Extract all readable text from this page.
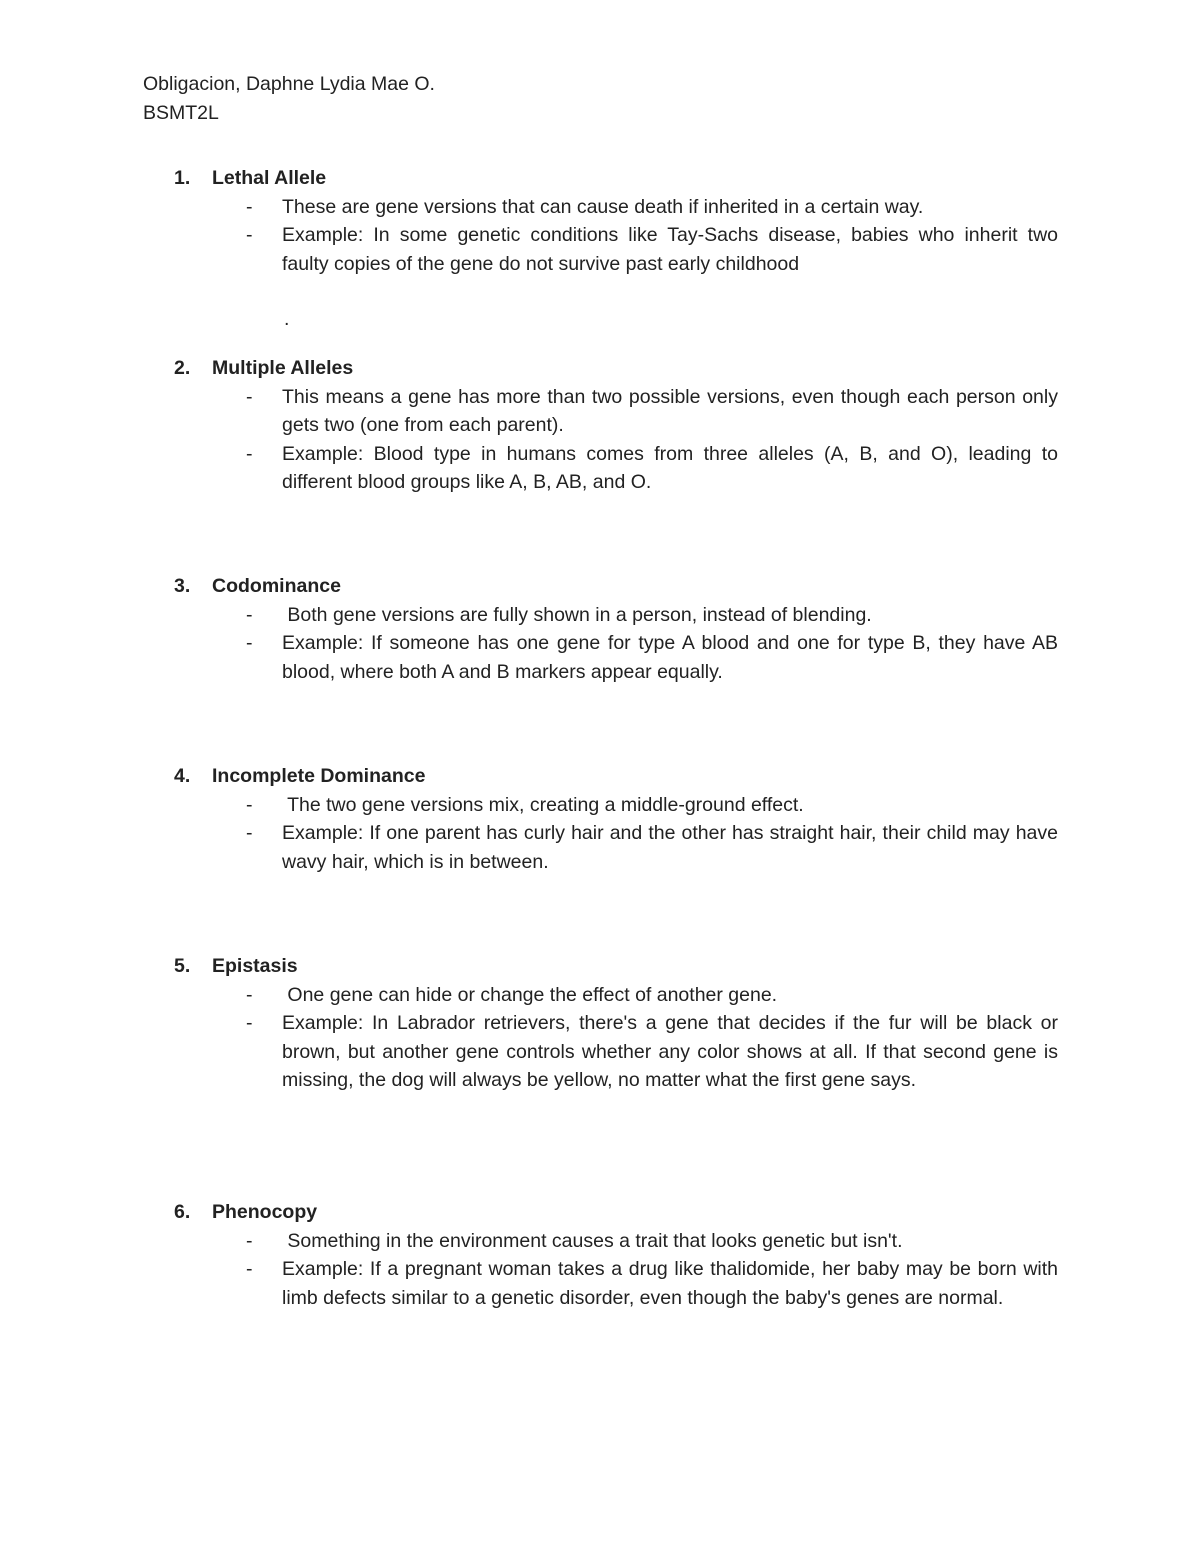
Obligacion, Daphne Lydia Mae O.
BSMT2L
1. Lethal Allele
- These are gene versions that can cause death if inherited in a certain way.
- Example: In some genetic conditions like Tay-Sachs disease, babies who inherit two faulty copies of the gene do not survive past early childhood
.
2. Multiple Alleles
- This means a gene has more than two possible versions, even though each person only gets two (one from each parent).
- Example: Blood type in humans comes from three alleles (A, B, and O), leading to different blood groups like A, B, AB, and O.
3. Codominance
- Both gene versions are fully shown in a person, instead of blending.
- Example: If someone has one gene for type A blood and one for type B, they have AB blood, where both A and B markers appear equally.
4. Incomplete Dominance
- The two gene versions mix, creating a middle-ground effect.
- Example: If one parent has curly hair and the other has straight hair, their child may have wavy hair, which is in between.
5. Epistasis
- One gene can hide or change the effect of another gene.
- Example: In Labrador retrievers, there's a gene that decides if the fur will be black or brown, but another gene controls whether any color shows at all. If that second gene is missing, the dog will always be yellow, no matter what the first gene says.
6. Phenocopy
- Something in the environment causes a trait that looks genetic but isn't.
- Example: If a pregnant woman takes a drug like thalidomide, her baby may be born with limb defects similar to a genetic disorder, even though the baby's genes are normal.
